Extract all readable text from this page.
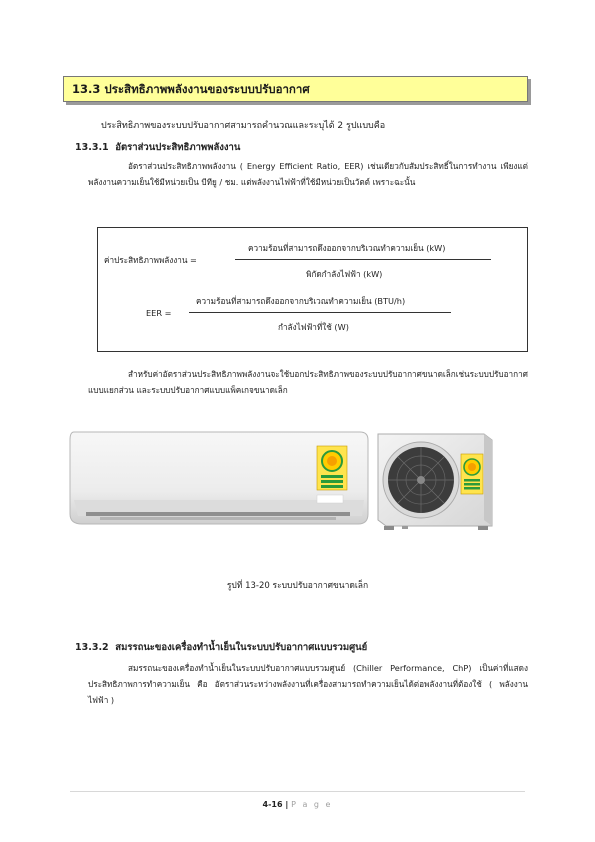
13.3 ประสิทธิภาพพลังงานของระบบปรับอากาศ
ประสิทธิภาพของระบบปรับอากาศสามารถคำนวณและระบุได้ 2 รูปแบบคือ
13.3.1 อัตราส่วนประสิทธิภาพพลังงาน
อัตราส่วนประสิทธิภาพพลังงาน ( Energy Efficient Ratio, EER) เช่นเดียวกับสัมประสิทธิ์ในการทำงาน เพียงแต่พลังงานความเย็นใช้มีหน่วยเป็น บีทียู / ชม. แต่พลังงานไฟฟ้าที่ใช้มีหน่วยเป็นวัตต์ เพราะฉะนั้น
ค่าประสิทธิภาพพลังงาน =
ความร้อนที่สามารถดึงออกจากบริเวณทำความเย็น (kW)
พิกัดกำลังไฟฟ้า (kW)
EER =
ความร้อนที่สามารถดึงออกจากบริเวณทำความเย็น (BTU/h)
กำลังไฟฟ้าที่ใช้ (W)
สำหรับค่าอัตราส่วนประสิทธิภาพพลังงานจะใช้บอกประสิทธิภาพของระบบปรับอากาศขนาดเล็กเช่นระบบปรับอากาศแบบแยกส่วน และระบบปรับอากาศแบบแพ็คเกจขนาดเล็ก
รูปที่ 13-20 ระบบปรับอากาศขนาดเล็ก
13.3.2 สมรรถนะของเครื่องทำน้ำเย็นในระบบปรับอากาศแบบรวมศูนย์
สมรรถนะของเครื่องทำน้ำเย็นในระบบปรับอากาศแบบรวมศูนย์ (Chiller Performance, ChP) เป็นค่าที่แสดงประสิทธิภาพการทำความเย็น คือ อัตราส่วนระหว่างพลังงานที่เครื่องสามารถทำความเย็นได้ต่อพลังงานที่ต้องใช้ ( พลังงานไฟฟ้า )
4-16 | P a g e
